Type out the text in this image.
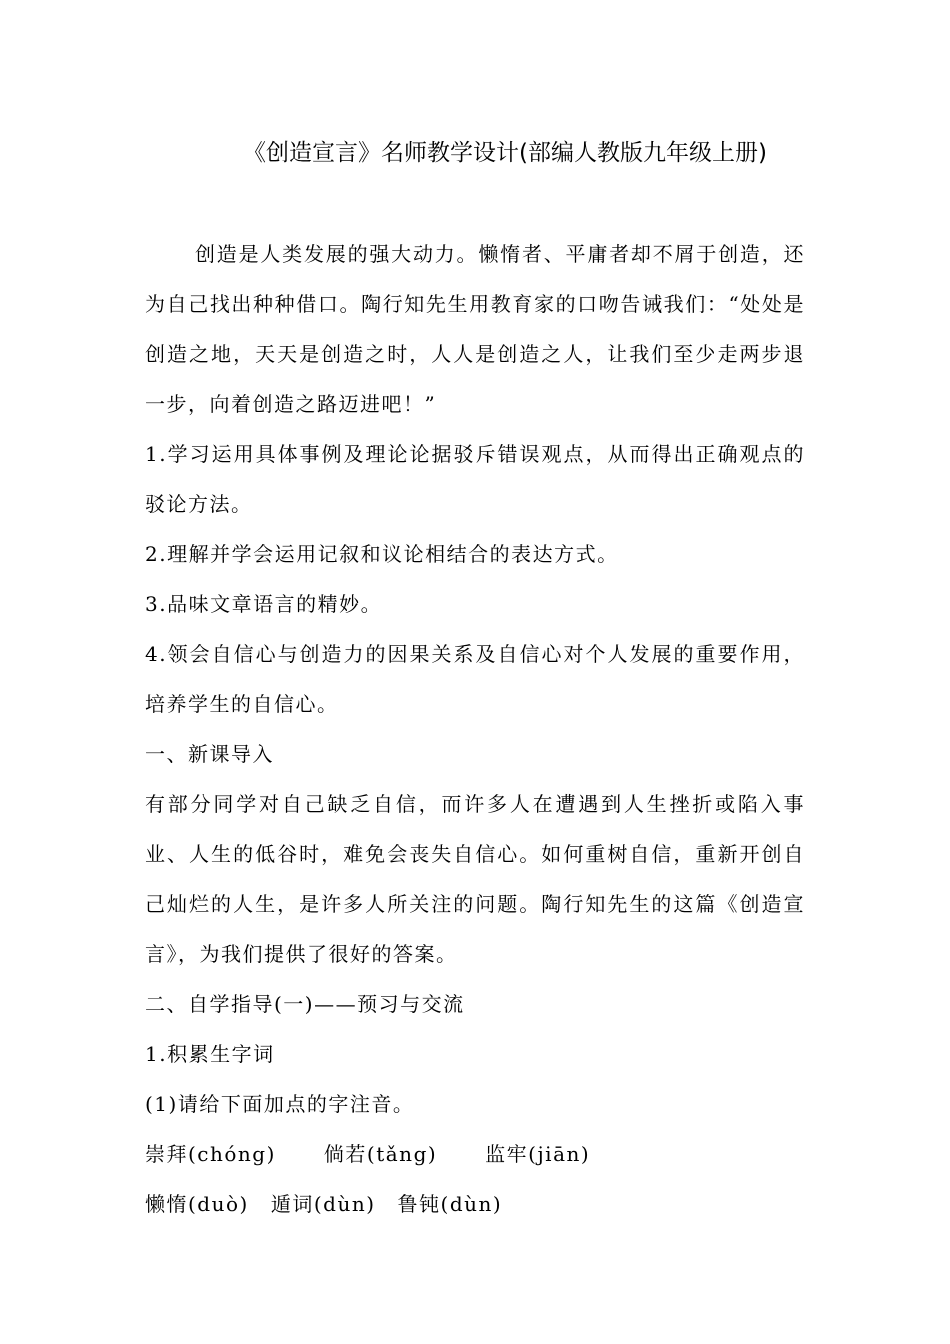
《创造宣言》名师教学设计(部编人教版九年级上册)

创造是人类发展的强大动力。懒惰者、平庸者却不屑于创造，还为自己找出种种借口。陶行知先生用教育家的口吻告诫我们：“处处是创造之地，天天是创造之时，人人是创造之人，让我们至少走两步退一步，向着创造之路迈进吧！”

1.学习运用具体事例及理论论据驳斥错误观点，从而得出正确观点的驳论方法。

2.理解并学会运用记叙和议论相结合的表达方式。

3.品味文章语言的精妙。

4.领会自信心与创造力的因果关系及自信心对个人发展的重要作用，培养学生的自信心。

一、新课导入

有部分同学对自己缺乏自信，而许多人在遭遇到人生挫折或陷入事业、人生的低谷时，难免会丧失自信心。如何重树自信，重新开创自己灿烂的人生，是许多人所关注的问题。陶行知先生的这篇《创造宣言》，为我们提供了很好的答案。

二、自学指导(一)——预习与交流

1.积累生字词

(1)请给下面加点的字注音。

崇拜(chóng) 倘若(tǎng) 监牢(jiān)

懒惰(duò) 遁词(dùn) 鲁钝(dùn)
